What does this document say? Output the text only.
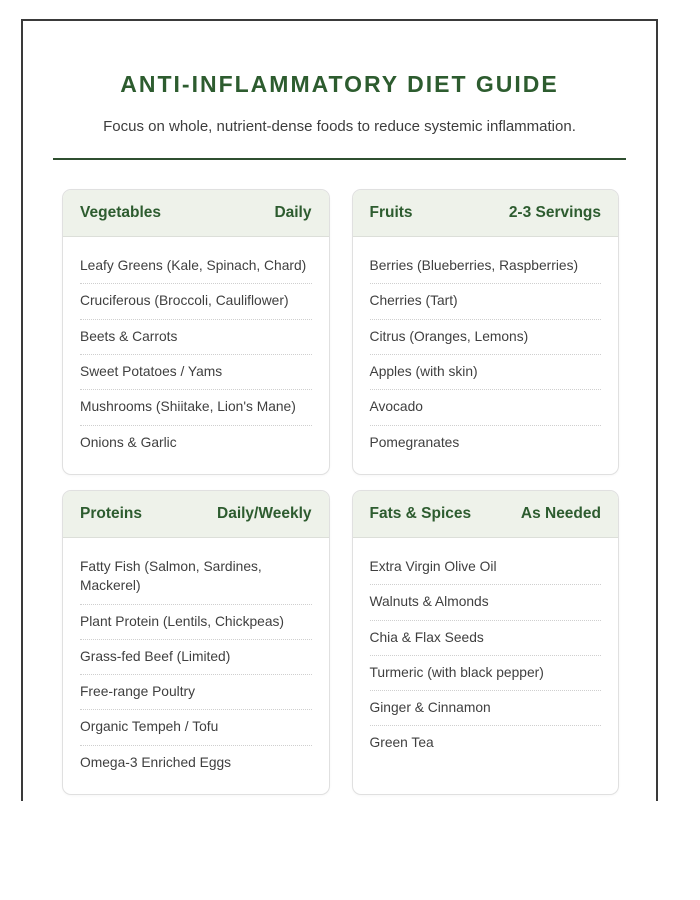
ANTI-INFLAMMATORY DIET GUIDE

Focus on whole, nutrient-dense foods to reduce systemic inflammation.

Vegetables	Daily
Leafy Greens (Kale, Spinach, Chard)
Cruciferous (Broccoli, Cauliflower)
Beets & Carrots
Sweet Potatoes / Yams
Mushrooms (Shiitake, Lion's Mane)
Onions & Garlic
Fruits	2-3 Servings
Berries (Blueberries, Raspberries)
Cherries (Tart)
Citrus (Oranges, Lemons)
Apples (with skin)
Avocado
Pomegranates
Proteins	Daily/Weekly
Fatty Fish (Salmon, Sardines, Mackerel)
Plant Protein (Lentils, Chickpeas)
Grass-fed Beef (Limited)
Free-range Poultry
Organic Tempeh / Tofu
Omega-3 Enriched Eggs
Fats & Spices	As Needed
Extra Virgin Olive Oil
Walnuts & Almonds
Chia & Flax Seeds
Turmeric (with black pepper)
Ginger & Cinnamon
Green Tea
